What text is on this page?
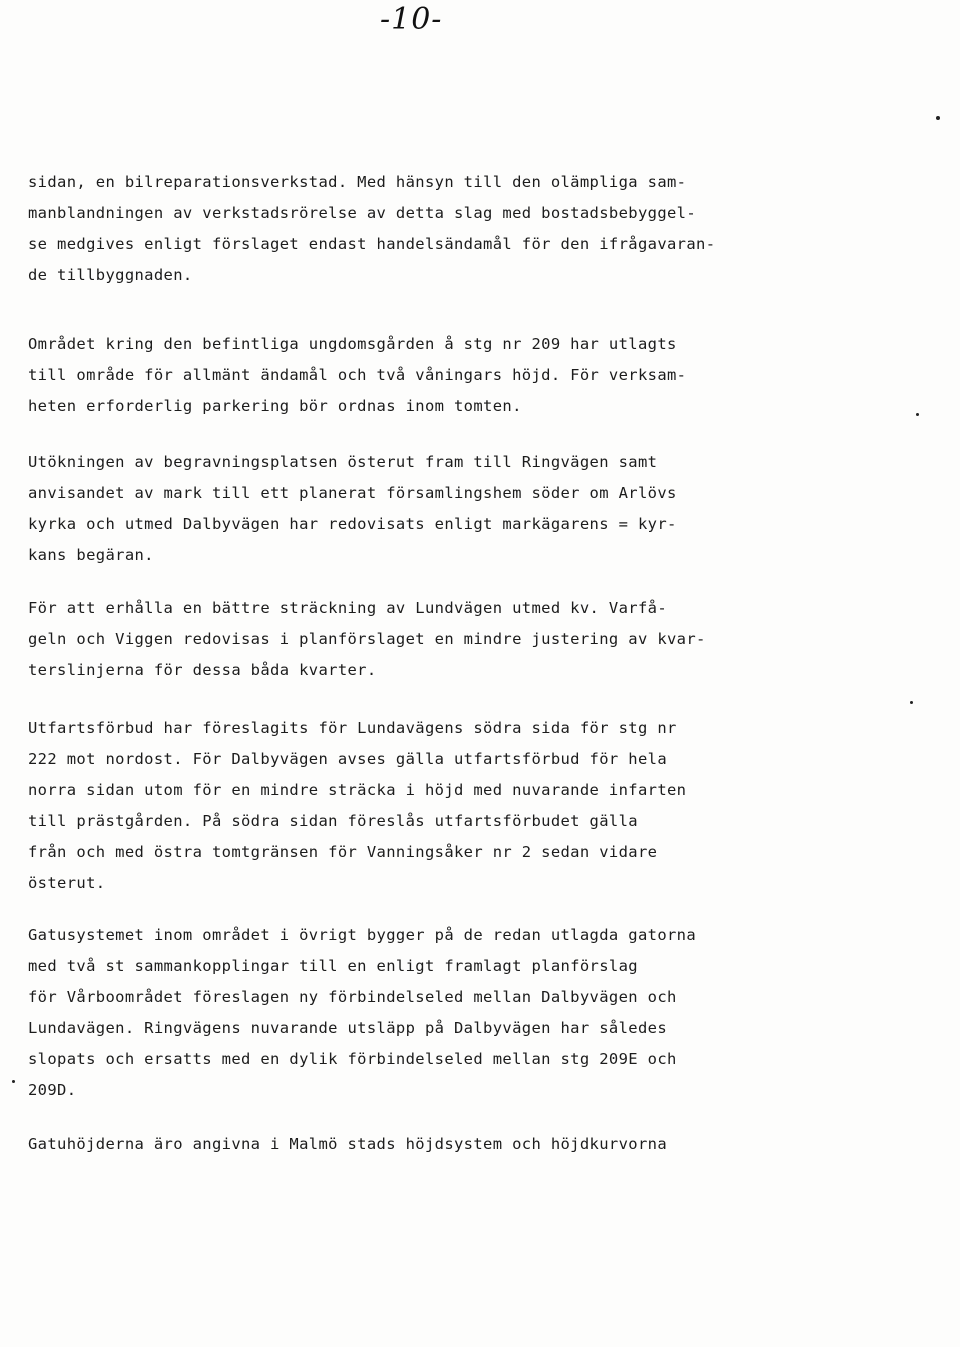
-10-
sidan, en bilreparationsverkstad. Med hänsyn till den olämpliga sam-
manblandningen av verkstadsrörelse av detta slag med bostadsbebyggel-
se medgives enligt förslaget endast handelsändamål för den ifrågavaran-
de tillbyggnaden.
Området kring den befintliga ungdomsgården å stg nr 209 har utlagts
till område för allmänt ändamål och två våningars höjd. För verksam-
heten erforderlig parkering bör ordnas inom tomten.
Utökningen av begravningsplatsen österut fram till Ringvägen samt
anvisandet av mark till ett planerat församlingshem söder om Arlövs
kyrka och utmed Dalbyvägen har redovisats enligt markägarens = kyr-
kans begäran.
För att erhålla en bättre sträckning av Lundvägen utmed kv. Varfå-
geln och Viggen redovisas i planförslaget en mindre justering av kvar-
terslinjerna för dessa båda kvarter.
Utfartsförbud har föreslagits för Lundavägens södra sida för stg nr
222 mot nordost. För Dalbyvägen avses gälla utfartsförbud för hela
norra sidan utom för en mindre sträcka i höjd med nuvarande infarten
till prästgården. På södra sidan föreslås utfartsförbudet gälla
från och med östra tomtgränsen för Vanningsåker nr 2 sedan vidare
österut.
Gatusystemet inom området i övrigt bygger på de redan utlagda gatorna
med två st sammankopplingar till en enligt framlagt planförslag
för Vårboområdet föreslagen ny förbindelseled mellan Dalbyvägen och
Lundavägen. Ringvägens nuvarande utsläpp på Dalbyvägen har således
slopats och ersatts med en dylik förbindelseled mellan stg 209E och
209D.
Gatuhöjderna äro angivna i Malmö stads höjdsystem och höjdkurvorna
